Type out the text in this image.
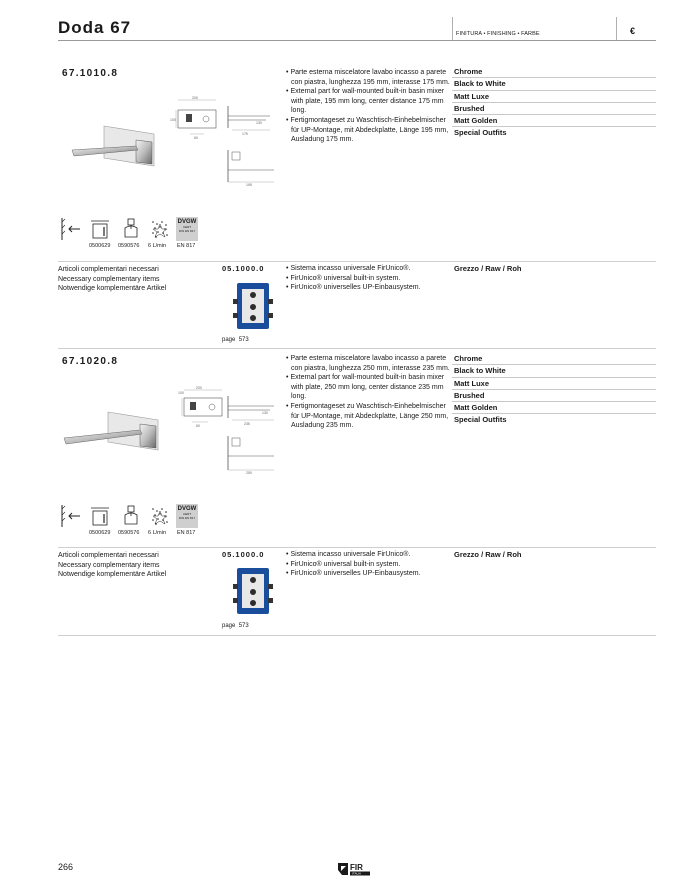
Doda 67	FINITURA • FINISHING • FARBE	€
67.1010.8
200
100
60
175
130
195
• Parte esterna miscelatore lavabo incasso a parete con piastra, lunghezza 195 mm, interasse 175 mm.
• External part for wall-mounted built-in basin mixer with plate, 195 mm long, center distance 175 mm long.
• Fertigmontageset zu Waschtisch-Einhebelmischer für UP-Montage, mit Abdeckplatte, Länge 195 mm, Ausladung 175 mm.
Chrome
Black to White
Matt Luxe
Brushed
Matt Golden
Special Outfits
DVGW
CERT
DIN EN 817
0500629 0590576 6 L/min EN 817
Articoli complementari necessari
Necessary complementary items
Notwendige komplementäre Artikel
05.1000.0
page 573
• Sistema incasso universale FirUnico®.
• FirUnico® universal built-in system.
• FirUnico® universelles UP-Einbausystem.
Grezzo / Raw / Roh
67.1020.8
200
100
60	235
130
250
• Parte esterna miscelatore lavabo incasso a parete con piastra, lunghezza 250 mm, interasse 235 mm.
• External part for wall-mounted built-in basin mixer with plate, 250 mm long, center distance 235 mm long.
• Fertigmontageset zu Waschtisch-Einhebelmischer für UP-Montage, mit Abdeckplatte, Länge 250 mm, Ausladung 235 mm.
Chrome
Black to White
Matt Luxe
Brushed
Matt Golden
Special Outfits
DVGW
CERT
DIN EN 817
0500629 0590576 6 L/min EN 817
Articoli complementari necessari
Necessary complementary items
Notwendige komplementäre Artikel
05.1000.0
page 573
• Sistema incasso universale FirUnico®.
• FirUnico® universal built-in system.
• FirUnico® universelles UP-Einbausystem.
Grezzo / Raw / Roh
266	FIR
ITALIA
